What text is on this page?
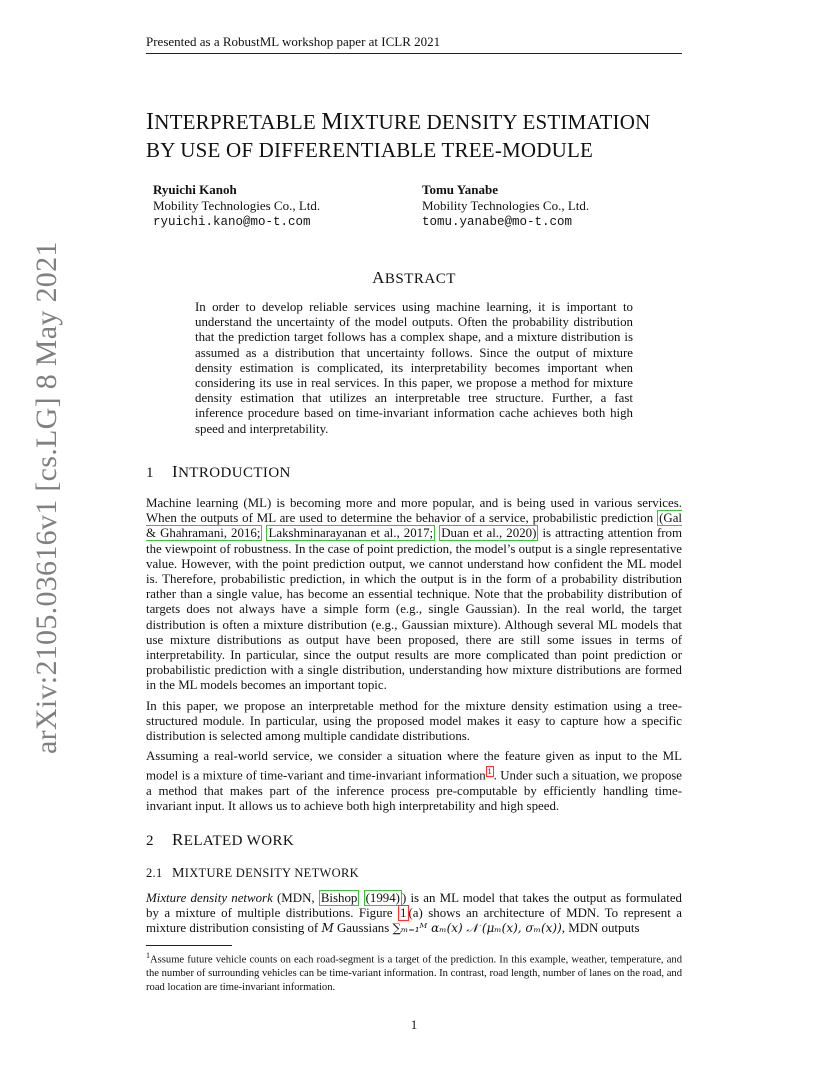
Presented as a RobustML workshop paper at ICLR 2021
arXiv:2105.03616v1 [cs.LG] 8 May 2021
INTERPRETABLE MIXTURE DENSITY ESTIMATION
BY USE OF DIFFERENTIABLE TREE-MODULE
Ryuichi Kanoh
Mobility Technologies Co., Ltd.
ryuichi.kano@mo-t.com
Tomu Yanabe
Mobility Technologies Co., Ltd.
tomu.yanabe@mo-t.com
ABSTRACT
In order to develop reliable services using machine learning, it is important to understand the uncertainty of the model outputs. Often the probability distribution that the prediction target follows has a complex shape, and a mixture distribution is assumed as a distribution that uncertainty follows. Since the output of mixture density estimation is complicated, its interpretability becomes important when considering its use in real services. In this paper, we propose a method for mixture density estimation that utilizes an interpretable tree structure. Further, a fast inference procedure based on time-invariant information cache achieves both high speed and interpretability.
1 INTRODUCTION
Machine learning (ML) is becoming more and more popular, and is being used in various services. When the outputs of ML are used to determine the behavior of a service, probabilistic prediction (Gal & Ghahramani, 2016; Lakshminarayanan et al., 2017; Duan et al., 2020) is attracting attention from the viewpoint of robustness. In the case of point prediction, the model’s output is a single representative value. However, with the point prediction output, we cannot understand how confident the ML model is. Therefore, probabilistic prediction, in which the output is in the form of a probability distribution rather than a single value, has become an essential technique. Note that the probability distribution of targets does not always have a simple form (e.g., single Gaussian). In the real world, the target distribution is often a mixture distribution (e.g., Gaussian mixture). Although several ML models that use mixture distributions as output have been proposed, there are still some issues in terms of interpretability. In particular, since the output results are more complicated than point prediction or probabilistic prediction with a single distribution, understanding how mixture distributions are formed in the ML models becomes an important topic.
In this paper, we propose an interpretable method for the mixture density estimation using a tree-structured module. In particular, using the proposed model makes it easy to capture how a specific distribution is selected among multiple candidate distributions.
Assuming a real-world service, we consider a situation where the feature given as input to the ML model is a mixture of time-variant and time-invariant information $^1$ . Under such a situation, we propose a method that makes part of the inference process pre-computable by efficiently handling time-invariant input. It allows us to achieve both high interpretability and high speed.
2 RELATED WORK
2.1 MIXTURE DENSITY NETWORK
Mixture density network (MDN, Bishop (1994) ) is an ML model that takes the output as formulated by a mixture of multiple distributions. Figure 1 (a) shows an architecture of MDN. To represent a mixture distribution consisting of M Gaussians ∑ₘ₌₁ᴹ αₘ(x) 𝒩 (μₘ(x), σₘ(x)), MDN outputs
$^1$Assume future vehicle counts on each road-segment is a target of the prediction. In this example, weather, temperature, and the number of surrounding vehicles can be time-variant information. In contrast, road length, number of lanes on the road, and road location are time-invariant information.
1
